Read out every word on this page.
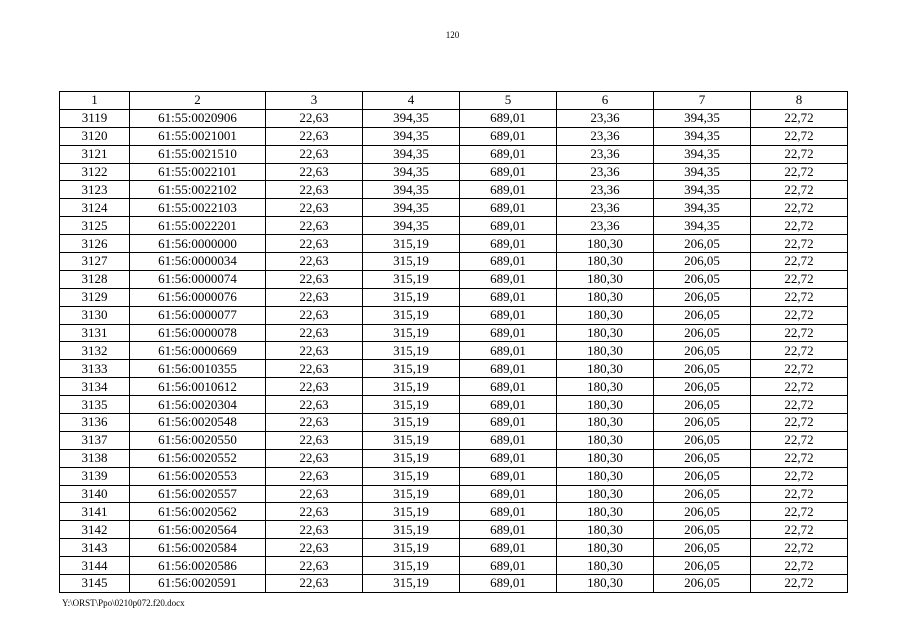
120
1	2	3	4	5	6	7	8
3119	61:55:0020906	22,63	394,35	689,01	23,36	394,35	22,72
3120	61:55:0021001	22,63	394,35	689,01	23,36	394,35	22,72
3121	61:55:0021510	22,63	394,35	689,01	23,36	394,35	22,72
3122	61:55:0022101	22,63	394,35	689,01	23,36	394,35	22,72
3123	61:55:0022102	22,63	394,35	689,01	23,36	394,35	22,72
3124	61:55:0022103	22,63	394,35	689,01	23,36	394,35	22,72
3125	61:55:0022201	22,63	394,35	689,01	23,36	394,35	22,72
3126	61:56:0000000	22,63	315,19	689,01	180,30	206,05	22,72
3127	61:56:0000034	22,63	315,19	689,01	180,30	206,05	22,72
3128	61:56:0000074	22,63	315,19	689,01	180,30	206,05	22,72
3129	61:56:0000076	22,63	315,19	689,01	180,30	206,05	22,72
3130	61:56:0000077	22,63	315,19	689,01	180,30	206,05	22,72
3131	61:56:0000078	22,63	315,19	689,01	180,30	206,05	22,72
3132	61:56:0000669	22,63	315,19	689,01	180,30	206,05	22,72
3133	61:56:0010355	22,63	315,19	689,01	180,30	206,05	22,72
3134	61:56:0010612	22,63	315,19	689,01	180,30	206,05	22,72
3135	61:56:0020304	22,63	315,19	689,01	180,30	206,05	22,72
3136	61:56:0020548	22,63	315,19	689,01	180,30	206,05	22,72
3137	61:56:0020550	22,63	315,19	689,01	180,30	206,05	22,72
3138	61:56:0020552	22,63	315,19	689,01	180,30	206,05	22,72
3139	61:56:0020553	22,63	315,19	689,01	180,30	206,05	22,72
3140	61:56:0020557	22,63	315,19	689,01	180,30	206,05	22,72
3141	61:56:0020562	22,63	315,19	689,01	180,30	206,05	22,72
3142	61:56:0020564	22,63	315,19	689,01	180,30	206,05	22,72
3143	61:56:0020584	22,63	315,19	689,01	180,30	206,05	22,72
3144	61:56:0020586	22,63	315,19	689,01	180,30	206,05	22,72
3145	61:56:0020591	22,63	315,19	689,01	180,30	206,05	22,72
Y:\ORST\Ppo\0210p072.f20.docx
